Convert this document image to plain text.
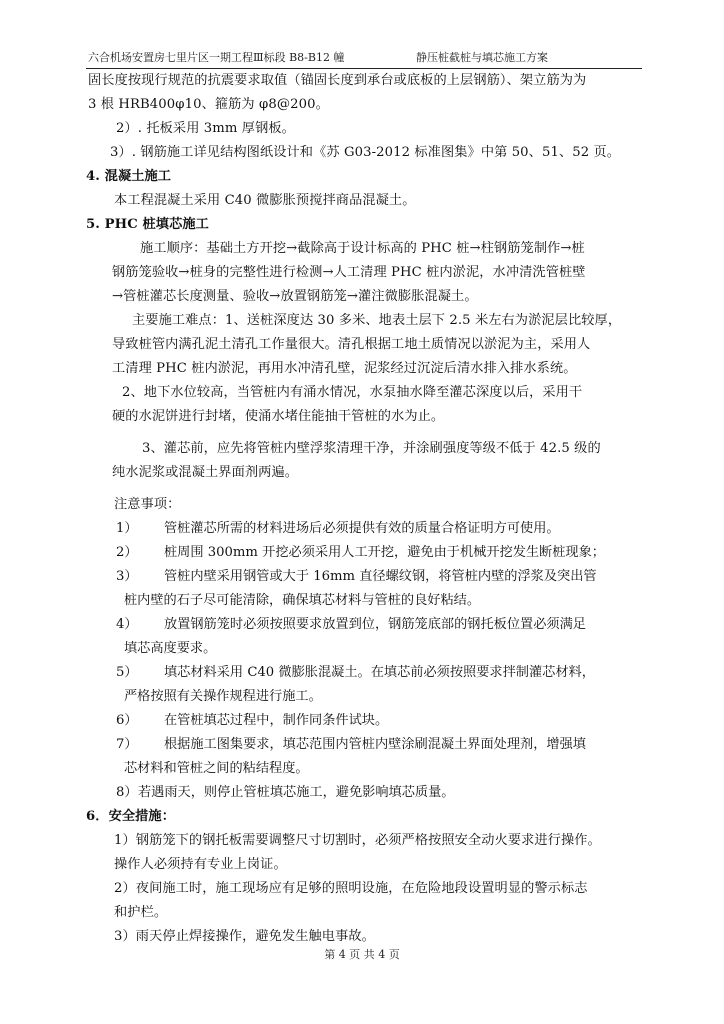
六合机场安置房七里片区一期工程Ⅲ标段 B8-B12 幢	静压桩截桩与填芯施工方案
固长度按现行规范的抗震要求取值（锚固长度到承台或底板的上层钢筋）、架立筋为为
3 根 HRB400φ10、箍筋为 φ8@200。
2）. 托板采用 3mm 厚钢板。
3）. 钢筋施工详见结构图纸设计和《苏 G03-2012 标准图集》中第 50、51、52 页。
4. 混凝土施工
本工程混凝土采用 C40 微膨胀预搅拌商品混凝土。
5. PHC 桩填芯施工
施工顺序：基础土方开挖→截除高于设计标高的 PHC 桩→柱钢筋笼制作→桩
钢筋笼验收→桩身的完整性进行检测→人工清理 PHC 桩内淤泥，水冲清洗管桩壁
→管桩灌芯长度测量、验收→放置钢筋笼→灌注微膨胀混凝土。
主要施工难点：1、送桩深度达 30 多米、地表土层下 2.5 米左右为淤泥层比较厚，
导致桩管内满孔泥土清孔工作量很大。清孔根据工地土质情况以淤泥为主，采用人
工清理 PHC 桩内淤泥，再用水冲清孔壁，泥浆经过沉淀后清水排入排水系统。
2、地下水位较高，当管桩内有涌水情况，水泵抽水降至灌芯深度以后，采用干
硬的水泥饼进行封堵，使涌水堵住能抽干管桩的水为止。
3、灌芯前，应先将管桩内壁浮浆清理干净，并涂刷强度等级不低于 42.5 级的
纯水泥浆或混凝土界面剂两遍。
注意事项：
1） 管桩灌芯所需的材料进场后必须提供有效的质量合格证明方可使用。
2） 桩周围 300mm 开挖必须采用人工开挖，避免由于机械开挖发生断桩现象；
3） 管桩内壁采用钢管或大于 16mm 直径螺纹钢，将管桩内壁的浮浆及突出管
桩内壁的石子尽可能清除，确保填芯材料与管桩的良好粘结。
4） 放置钢筋笼时必须按照要求放置到位，钢筋笼底部的钢托板位置必须满足
填芯高度要求。
5） 填芯材料采用 C40 微膨胀混凝土。在填芯前必须按照要求拌制灌芯材料，
严格按照有关操作规程进行施工。
6） 在管桩填芯过程中，制作同条件试块。
7） 根据施工图集要求，填芯范围内管桩内壁涂刷混凝土界面处理剂，增强填
芯材料和管桩之间的粘结程度。
8） 若遇雨天，则停止管桩填芯施工，避免影响填芯质量。
6．安全措施：
1）钢筋笼下的钢托板需要调整尺寸切割时，必须严格按照安全动火要求进行操作。
操作人必须持有专业上岗证。
2）夜间施工时，施工现场应有足够的照明设施，在危险地段设置明显的警示标志
和护栏。
3）雨天停止焊接操作，避免发生触电事故。
第 4 页 共 4 页
